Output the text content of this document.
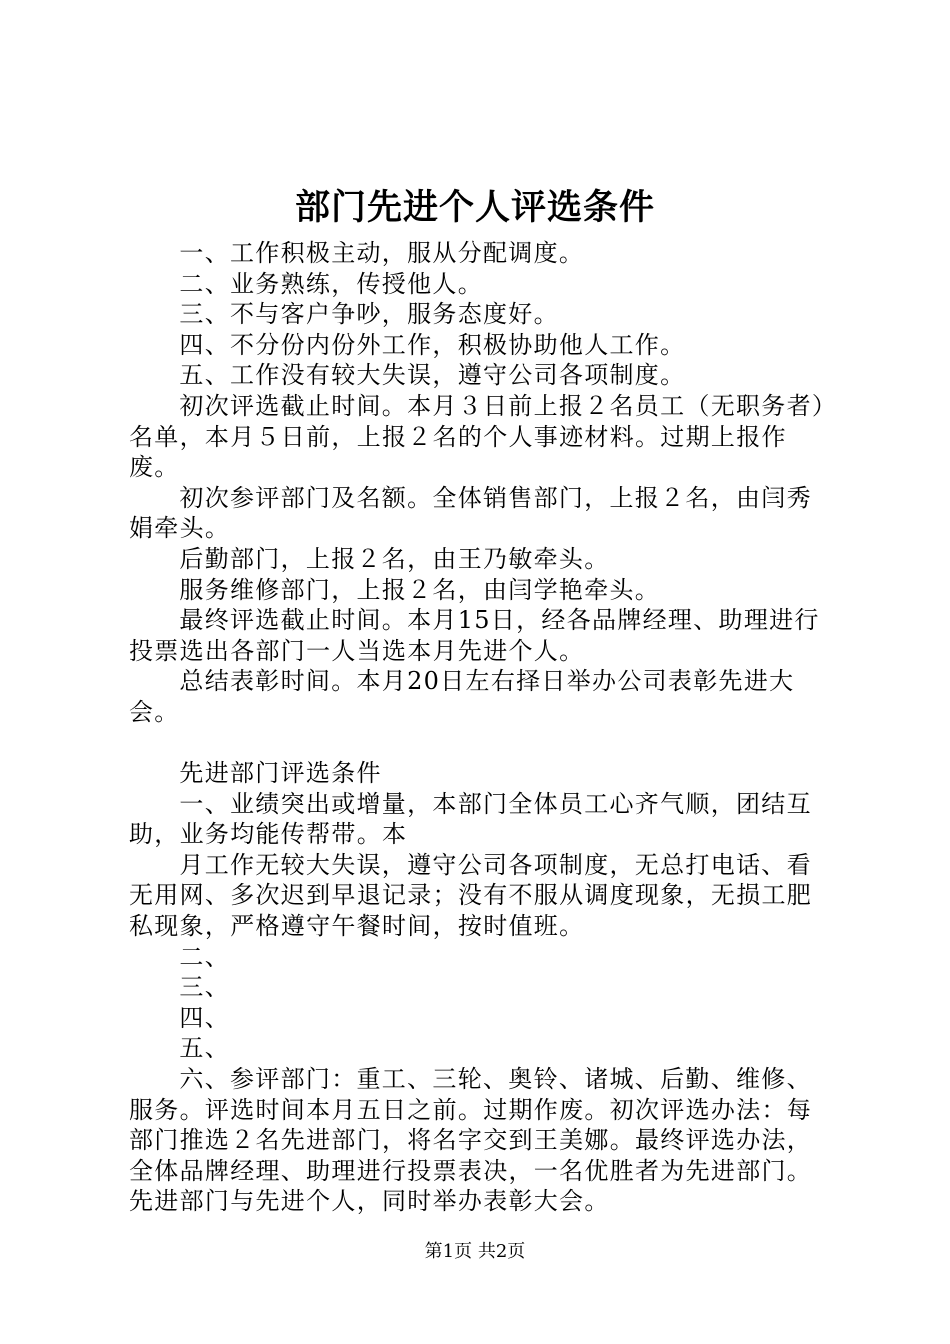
部门先进个人评选条件

一、工作积极主动，服从分配调度。

二、业务熟练，传授他人。

三、不与客户争吵，服务态度好。

四、不分份内份外工作，积极协助他人工作。

五、工作没有较大失误，遵守公司各项制度。

初次评选截止时间。本月３日前上报２名员工（无职务者）名单，本月５日前，上报２名的个人事迹材料。过期上报作废。

初次参评部门及名额。全体销售部门，上报２名，由闫秀娟牵头。

后勤部门，上报２名，由王乃敏牵头。

服务维修部门，上报２名，由闫学艳牵头。

最终评选截止时间。本月15日，经各品牌经理、助理进行投票选出各部门一人当选本月先进个人。

总结表彰时间。本月20日左右择日举办公司表彰先进大会。

先进部门评选条件

一、业绩突出或增量，本部门全体员工心齐气顺，团结互助，业务均能传帮带。本

月工作无较大失误，遵守公司各项制度，无总打电话、看无用网、多次迟到早退记录；没有不服从调度现象，无损工肥私现象，严格遵守午餐时间，按时值班。

二、

三、

四、

五、

六、参评部门：重工、三轮、奥铃、诸城、后勤、维修、服务。评选时间本月五日之前。过期作废。初次评选办法：每部门推选２名先进部门，将名字交到王美娜。最终评选办法，全体品牌经理、助理进行投票表决，一名优胜者为先进部门。先进部门与先进个人，同时举办表彰大会。

第1页 共2页
